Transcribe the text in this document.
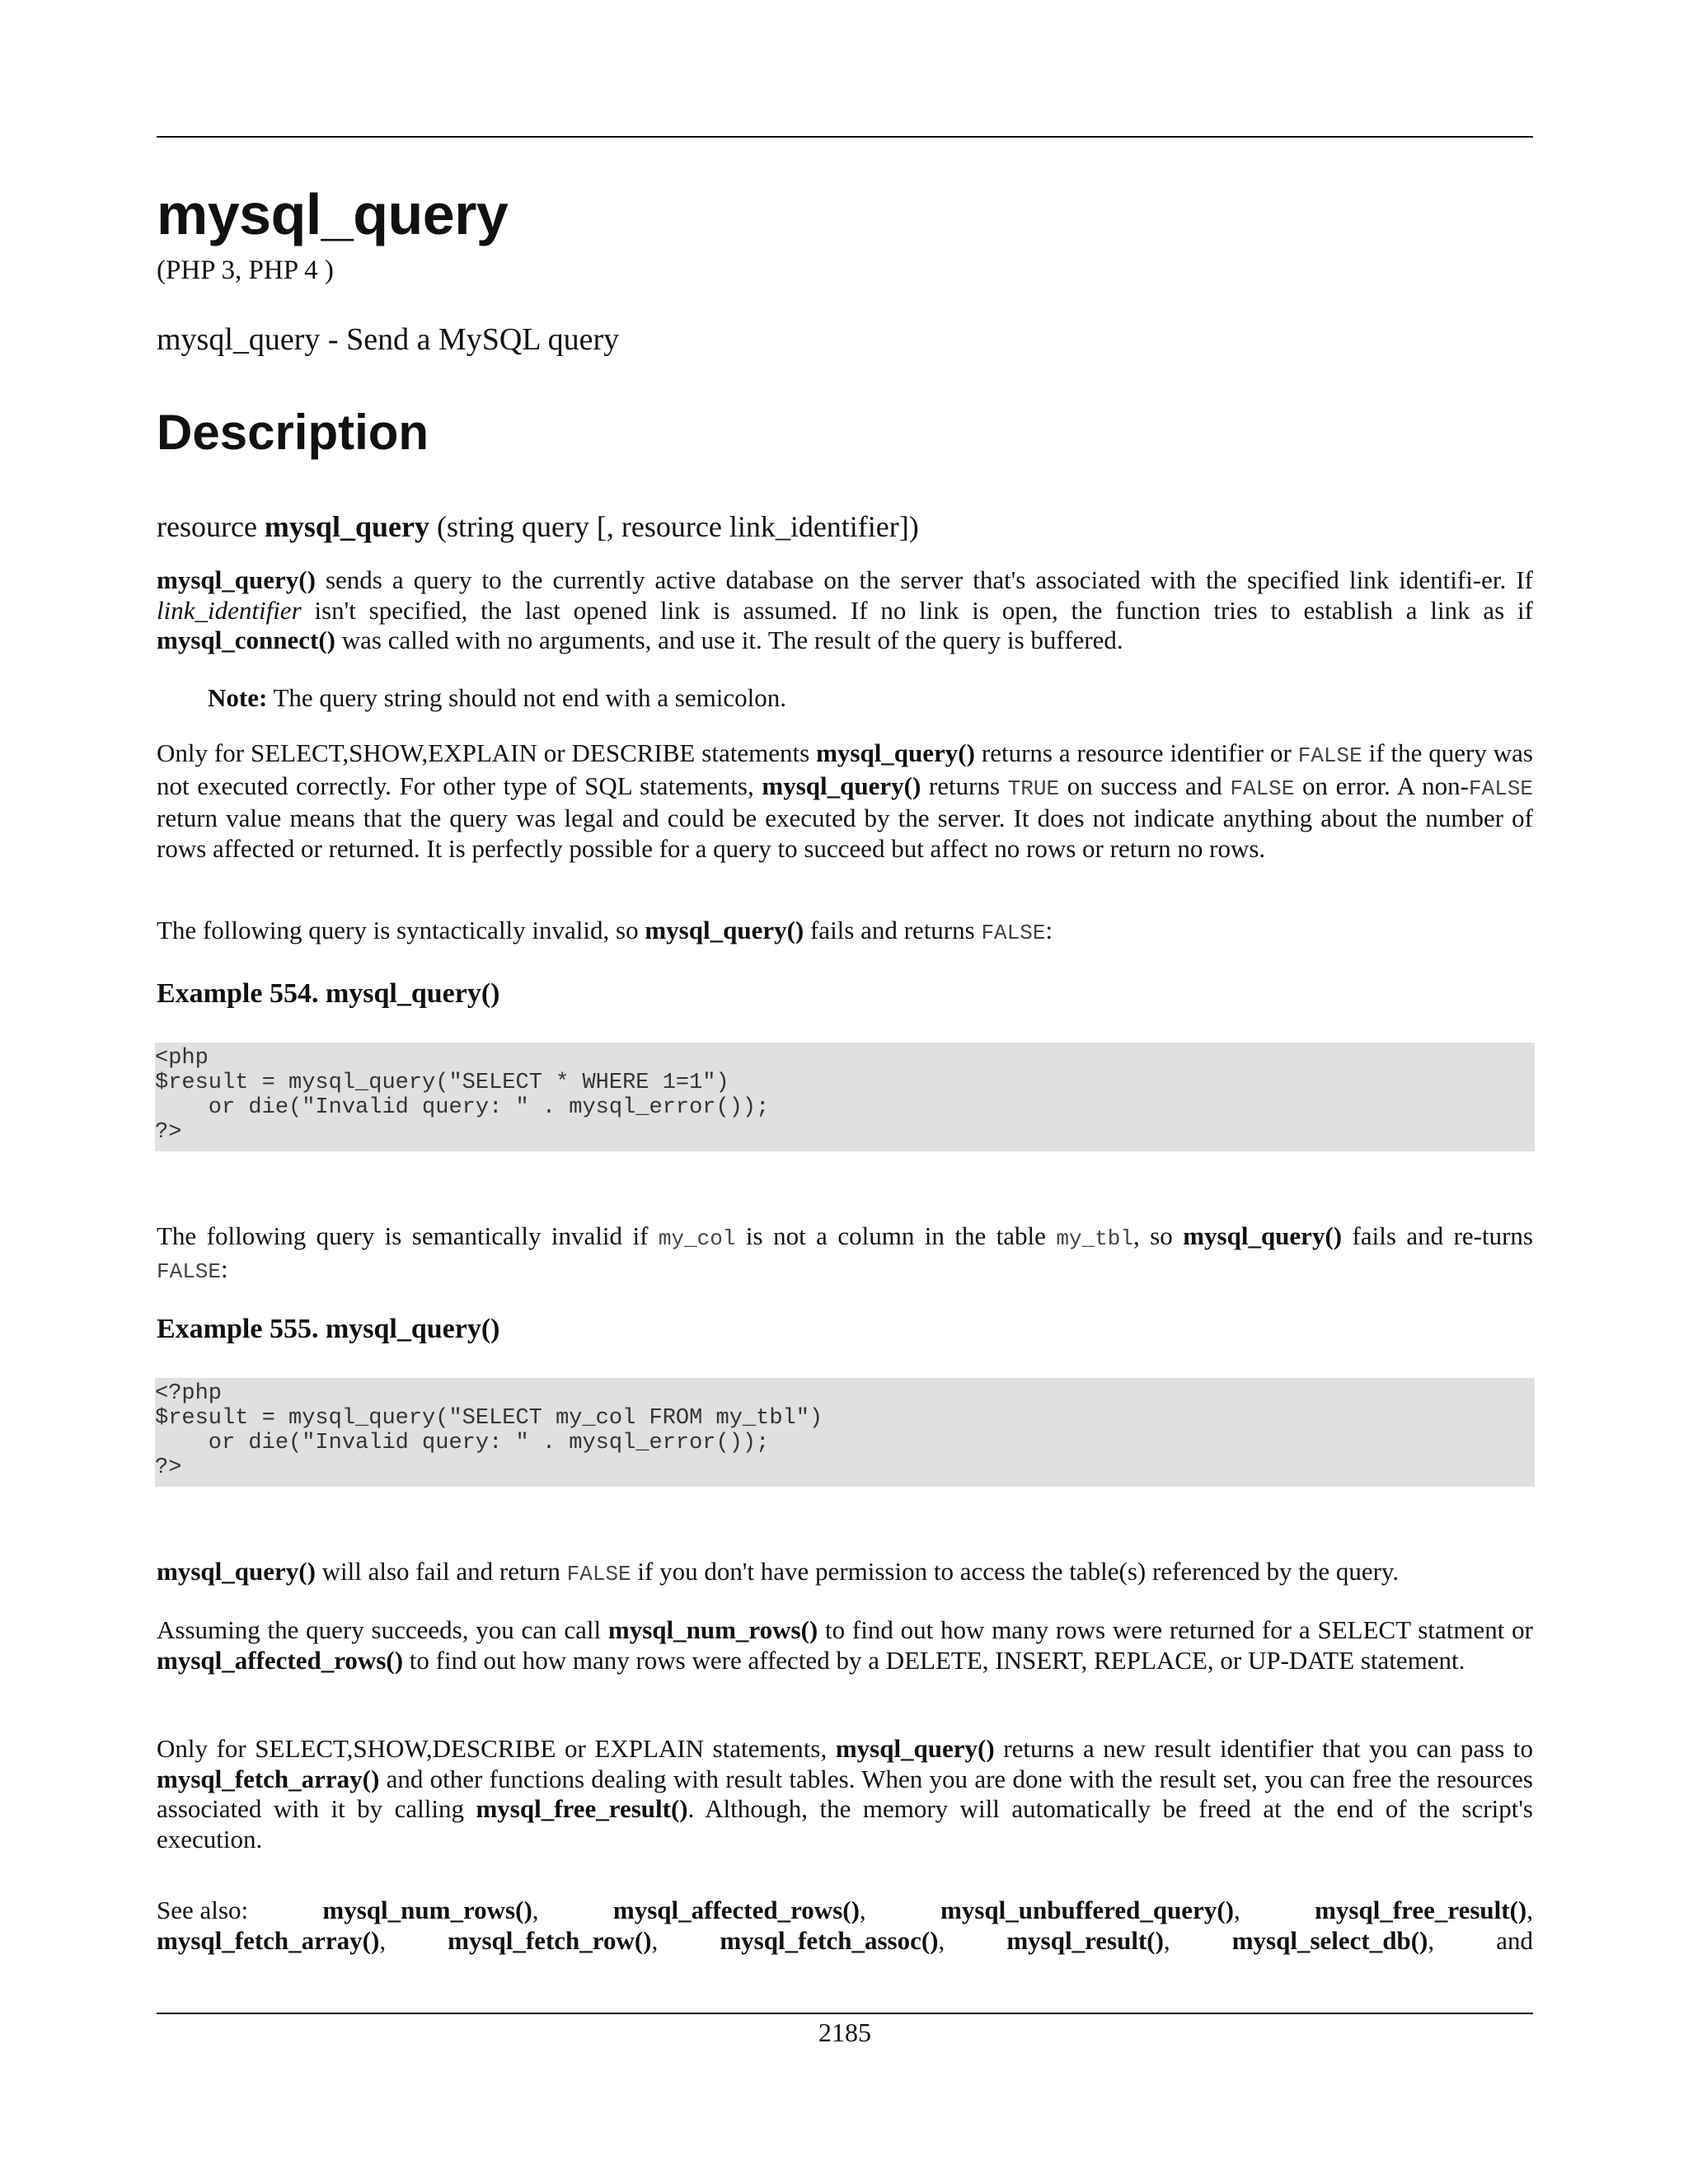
mysql_query
(PHP 3, PHP 4 )
mysql_query - Send a MySQL query
Description
resource mysql_query (string query [, resource link_identifier])

mysql_query() sends a query to the currently active database on the server that's associated with the specified link identifi-er. If link_identifier isn't specified, the last opened link is assumed. If no link is open, the function tries to establish a link as if mysql_connect() was called with no arguments, and use it. The result of the query is buffered.

Note: The query string should not end with a semicolon.

Only for SELECT,SHOW,EXPLAIN or DESCRIBE statements mysql_query() returns a resource identifier or FALSE if the query was not executed correctly. For other type of SQL statements, mysql_query() returns TRUE on success and FALSE on error. A non-FALSE return value means that the query was legal and could be executed by the server. It does not indicate anything about the number of rows affected or returned. It is perfectly possible for a query to succeed but affect no rows or return no rows.

The following query is syntactically invalid, so mysql_query() fails and returns FALSE:

Example 554. mysql_query()
<php
$result = mysql_query("SELECT * WHERE 1=1")
or die("Invalid query: " . mysql_error());
?>

The following query is semantically invalid if my_col is not a column in the table my_tbl, so mysql_query() fails and re-turns FALSE:

Example 555. mysql_query()
<?php
$result = mysql_query("SELECT my_col FROM my_tbl")
or die("Invalid query: " . mysql_error());
?>

mysql_query() will also fail and return FALSE if you don't have permission to access the table(s) referenced by the query.

Assuming the query succeeds, you can call mysql_num_rows() to find out how many rows were returned for a SELECT statment or mysql_affected_rows() to find out how many rows were affected by a DELETE, INSERT, REPLACE, or UP-DATE statement.

Only for SELECT,SHOW,DESCRIBE or EXPLAIN statements, mysql_query() returns a new result identifier that you can pass to mysql_fetch_array() and other functions dealing with result tables. When you are done with the result set, you can free the resources associated with it by calling mysql_free_result(). Although, the memory will automatically be freed at the end of the script's execution.

See also:	mysql_num_rows(),	mysql_affected_rows(),	mysql_unbuffered_query(),	mysql_free_result(),
mysql_fetch_array(), mysql_fetch_row(), mysql_fetch_assoc(), mysql_result(), mysql_select_db(), and
2185
